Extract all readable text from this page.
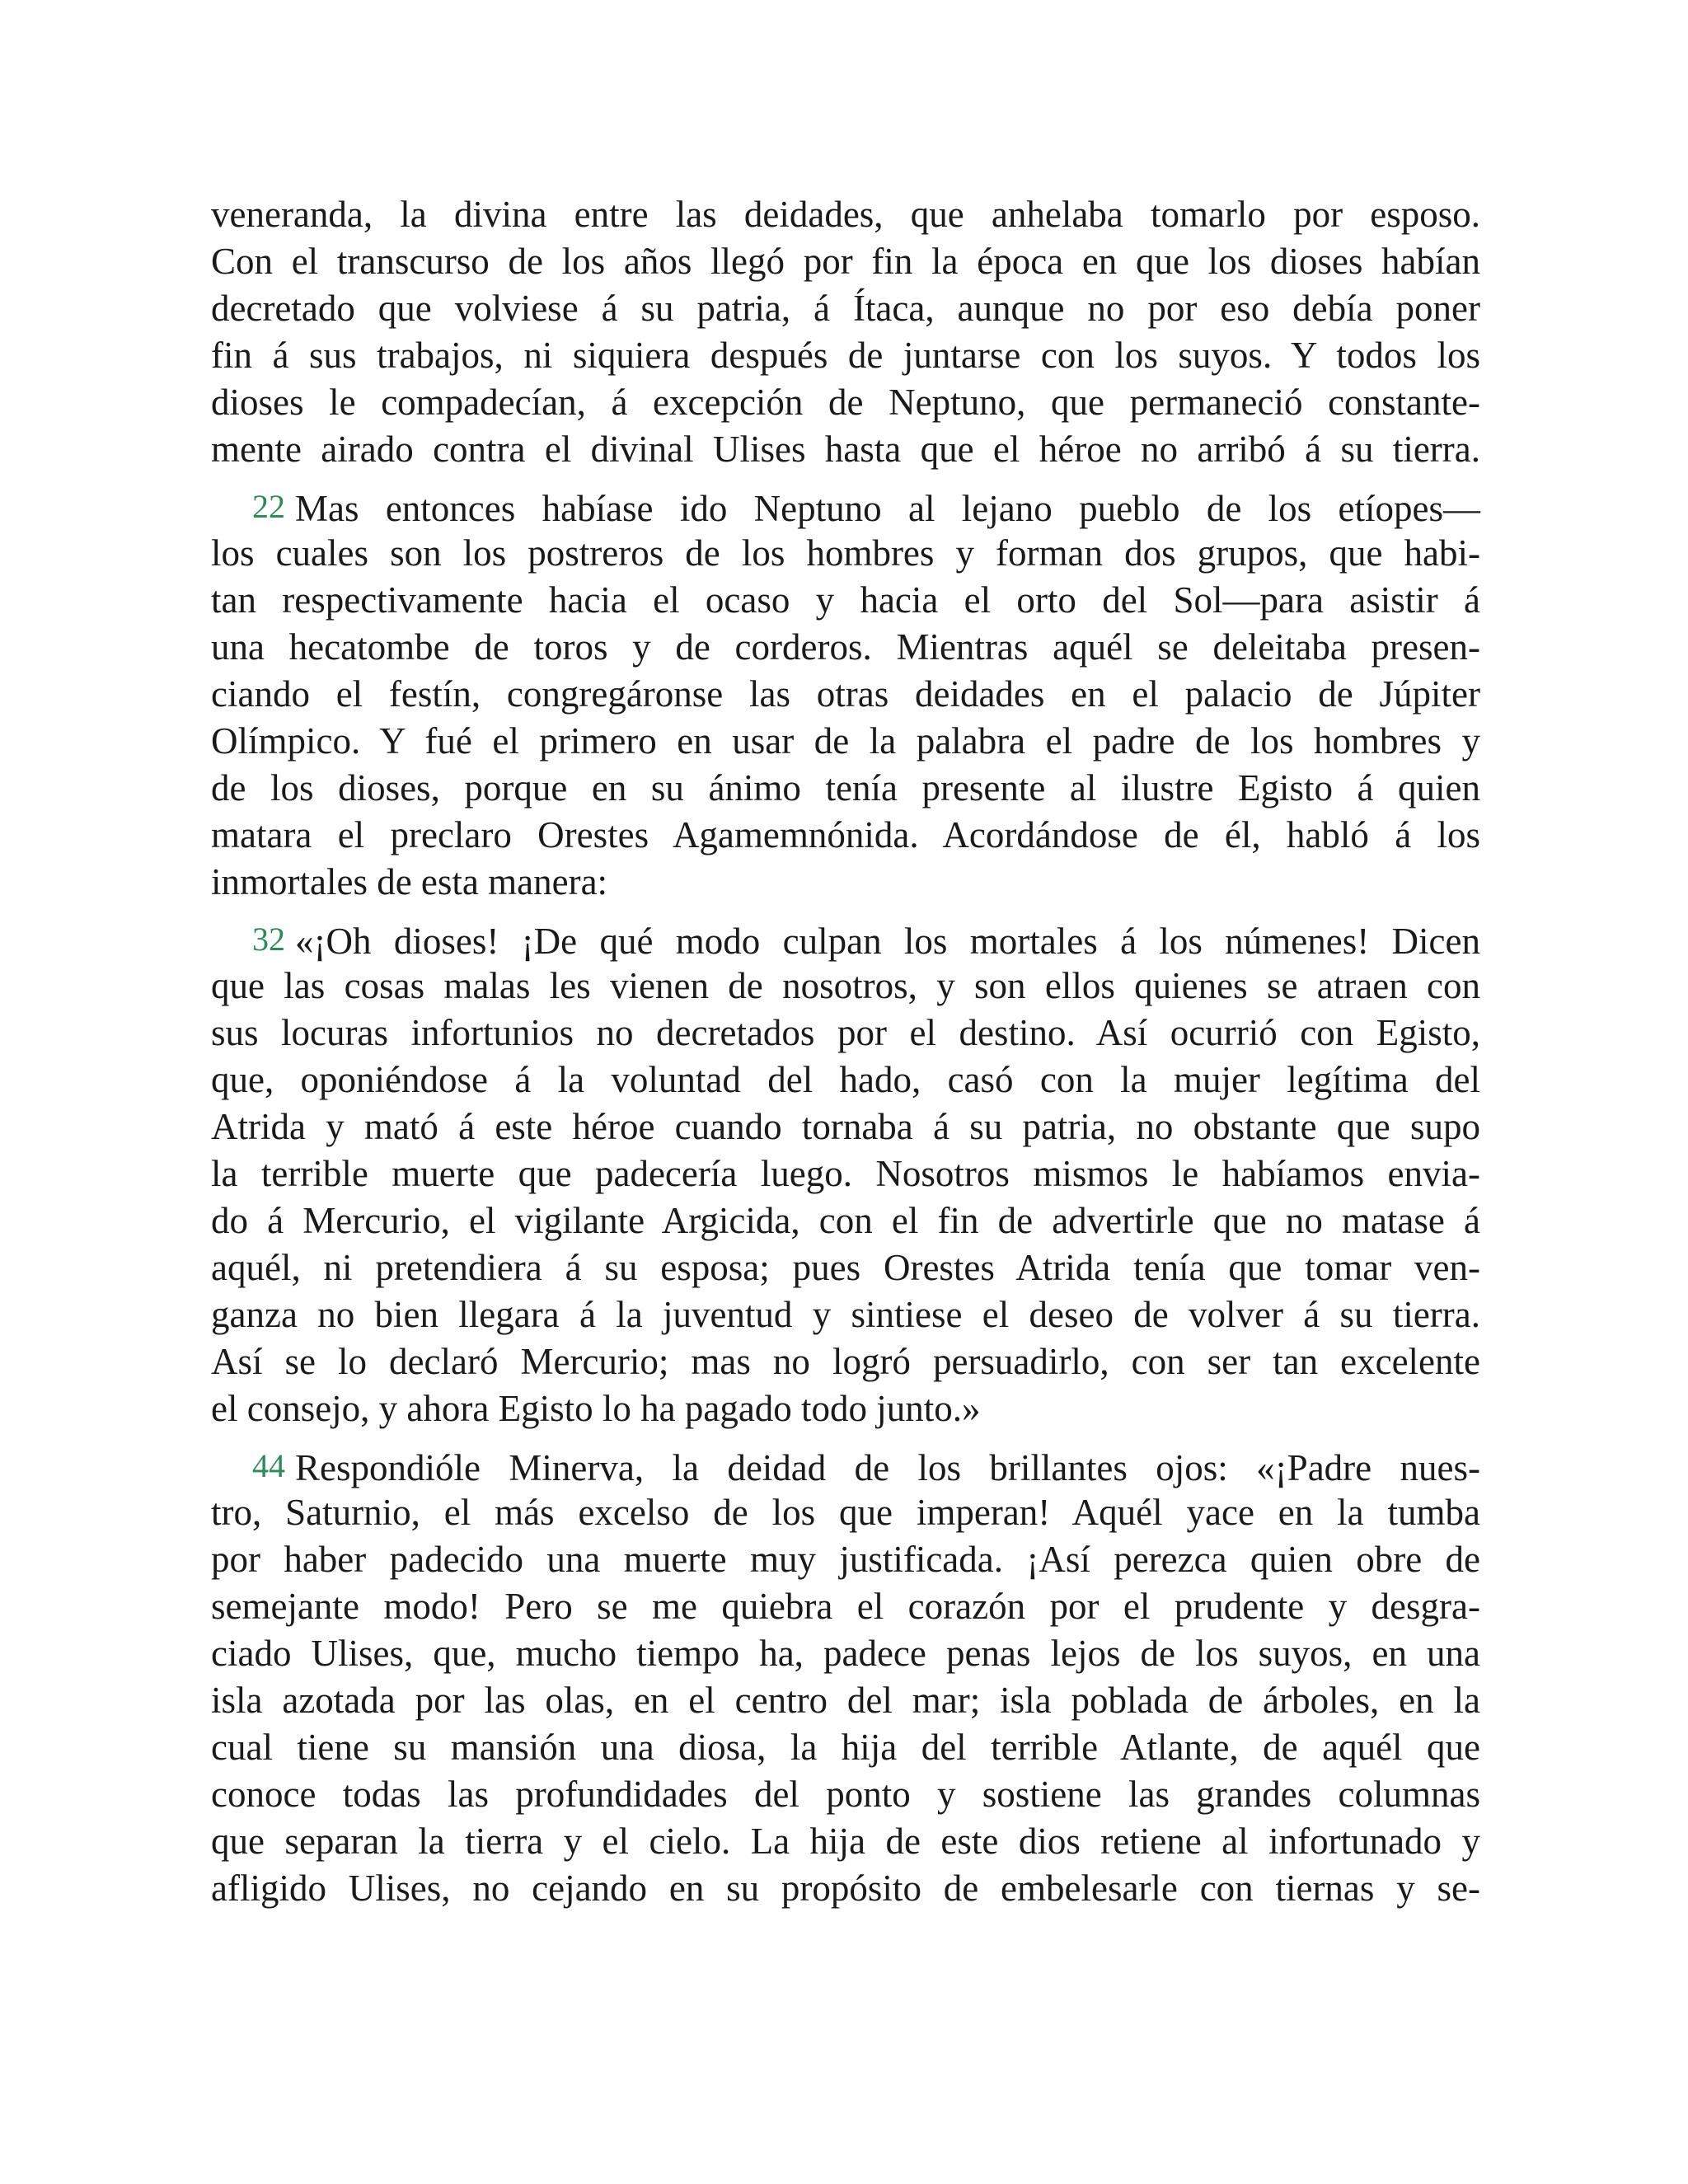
veneranda, la divina entre las deidades, que anhelaba tomarlo por esposo.
Con el transcurso de los años llegó por fin la época en que los dioses habían
decretado que volviese á su patria, á Ítaca, aunque no por eso debía poner
fin á sus trabajos, ni siquiera después de juntarse con los suyos. Y todos los
dioses le compadecían, á excepción de Neptuno, que permaneció constante-
mente airado contra el divinal Ulises hasta que el héroe no arribó á su tierra.
22 Mas entonces habíase ido Neptuno al lejano pueblo de los etíopes—
los cuales son los postreros de los hombres y forman dos grupos, que habi-
tan respectivamente hacia el ocaso y hacia el orto del Sol—para asistir á
una hecatombe de toros y de corderos. Mientras aquél se deleitaba presen-
ciando el festín, congregáronse las otras deidades en el palacio de Júpiter
Olímpico. Y fué el primero en usar de la palabra el padre de los hombres y
de los dioses, porque en su ánimo tenía presente al ilustre Egisto á quien
matara el preclaro Orestes Agamemnónida. Acordándose de él, habló á los
inmortales de esta manera:
32 «¡Oh dioses! ¡De qué modo culpan los mortales á los númenes! Dicen
que las cosas malas les vienen de nosotros, y son ellos quienes se atraen con
sus locuras infortunios no decretados por el destino. Así ocurrió con Egisto,
que, oponiéndose á la voluntad del hado, casó con la mujer legítima del
Atrida y mató á este héroe cuando tornaba á su patria, no obstante que supo
la terrible muerte que padecería luego. Nosotros mismos le habíamos envia-
do á Mercurio, el vigilante Argicida, con el fin de advertirle que no matase á
aquél, ni pretendiera á su esposa; pues Orestes Atrida tenía que tomar ven-
ganza no bien llegara á la juventud y sintiese el deseo de volver á su tierra.
Así se lo declaró Mercurio; mas no logró persuadirlo, con ser tan excelente
el consejo, y ahora Egisto lo ha pagado todo junto.»
44 Respondióle Minerva, la deidad de los brillantes ojos: «¡Padre nues-
tro, Saturnio, el más excelso de los que imperan! Aquél yace en la tumba
por haber padecido una muerte muy justificada. ¡Así perezca quien obre de
semejante modo! Pero se me quiebra el corazón por el prudente y desgra-
ciado Ulises, que, mucho tiempo ha, padece penas lejos de los suyos, en una
isla azotada por las olas, en el centro del mar; isla poblada de árboles, en la
cual tiene su mansión una diosa, la hija del terrible Atlante, de aquél que
conoce todas las profundidades del ponto y sostiene las grandes columnas
que separan la tierra y el cielo. La hija de este dios retiene al infortunado y
afligido Ulises, no cejando en su propósito de embelesarle con tiernas y se-
